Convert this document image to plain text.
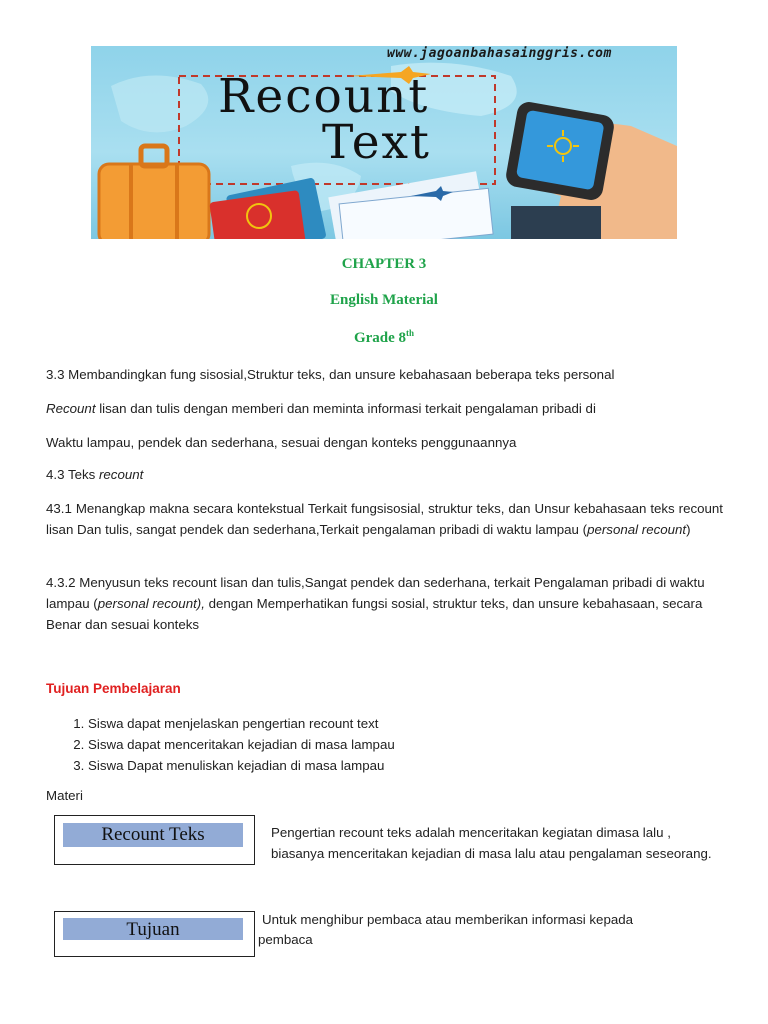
www.jagoanbahasainggris.com
Recount
Text
CHAPTER 3
English Material
Grade 8th
3.3 Membandingkan fung sisosial,Struktur teks, dan unsure kebahasaan beberapa teks personal
Recount lisan dan tulis dengan memberi dan meminta informasi terkait pengalaman pribadi di
Waktu lampau, pendek dan sederhana, sesuai dengan konteks penggunaannya
4.3 Teks recount
43.1 Menangkap makna secara kontekstual Terkait fungsisosial, struktur teks, dan Unsur kebahasaan teks recount lisan Dan tulis, sangat pendek dan sederhana,Terkait pengalaman pribadi di waktu lampau (personal recount)
4.3.2 Menyusun teks recount lisan dan tulis,Sangat pendek dan sederhana, terkait Pengalaman pribadi di waktu lampau (personal recount), dengan Memperhatikan fungsi sosial, struktur teks, dan unsure kebahasaan, secara Benar dan sesuai konteks
Tujuan Pembelajaran
1. Siswa dapat menjelaskan pengertian recount text
2. Siswa dapat menceritakan kejadian di masa lampau
3. Siswa Dapat menuliskan kejadian di masa lampau
Materi
Recount Teks	Pengertian recount teks adalah menceritakan kegiatan dimasa lalu ,
biasanya menceritakan kejadian di masa lalu atau pengalaman seseorang.
Tujuan	Untuk menghibur pembaca atau memberikan informasi kepada
pembaca
